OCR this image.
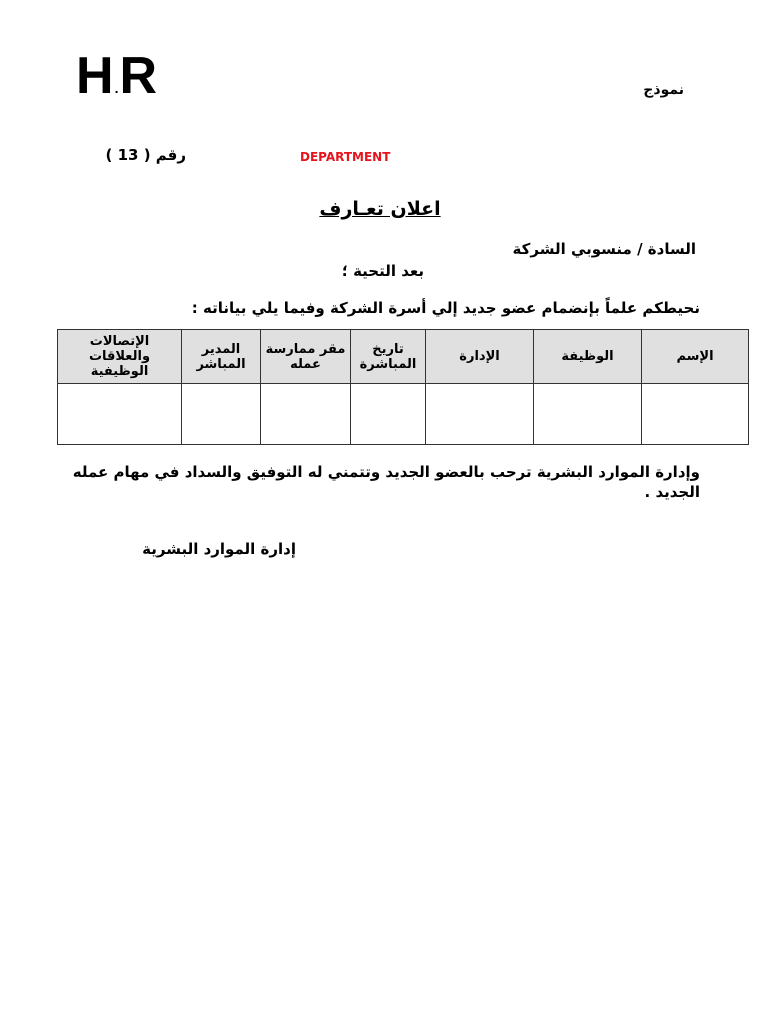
H .R	نموذج
رقم ( 13 )	DEPARTMENT
اعلان تعـارف
السادة / منسوبي الشركة
بعد التحية ؛
نحيطكم علماً بإنضمام عضو جديد إلي أسرة الشركة وفيما يلي بياناته :
الإسم	الوظيفة	الإدارة	تاريخ المباشرة	مقر ممارسة عمله	المدير المباشر	الإتصالات والعلاقات الوظيفية

وإدارة الموارد البشرية ترحب بالعضو الجديد وتتمني له التوفيق والسداد في مهام عمله الجديد .
إدارة الموارد البشرية
